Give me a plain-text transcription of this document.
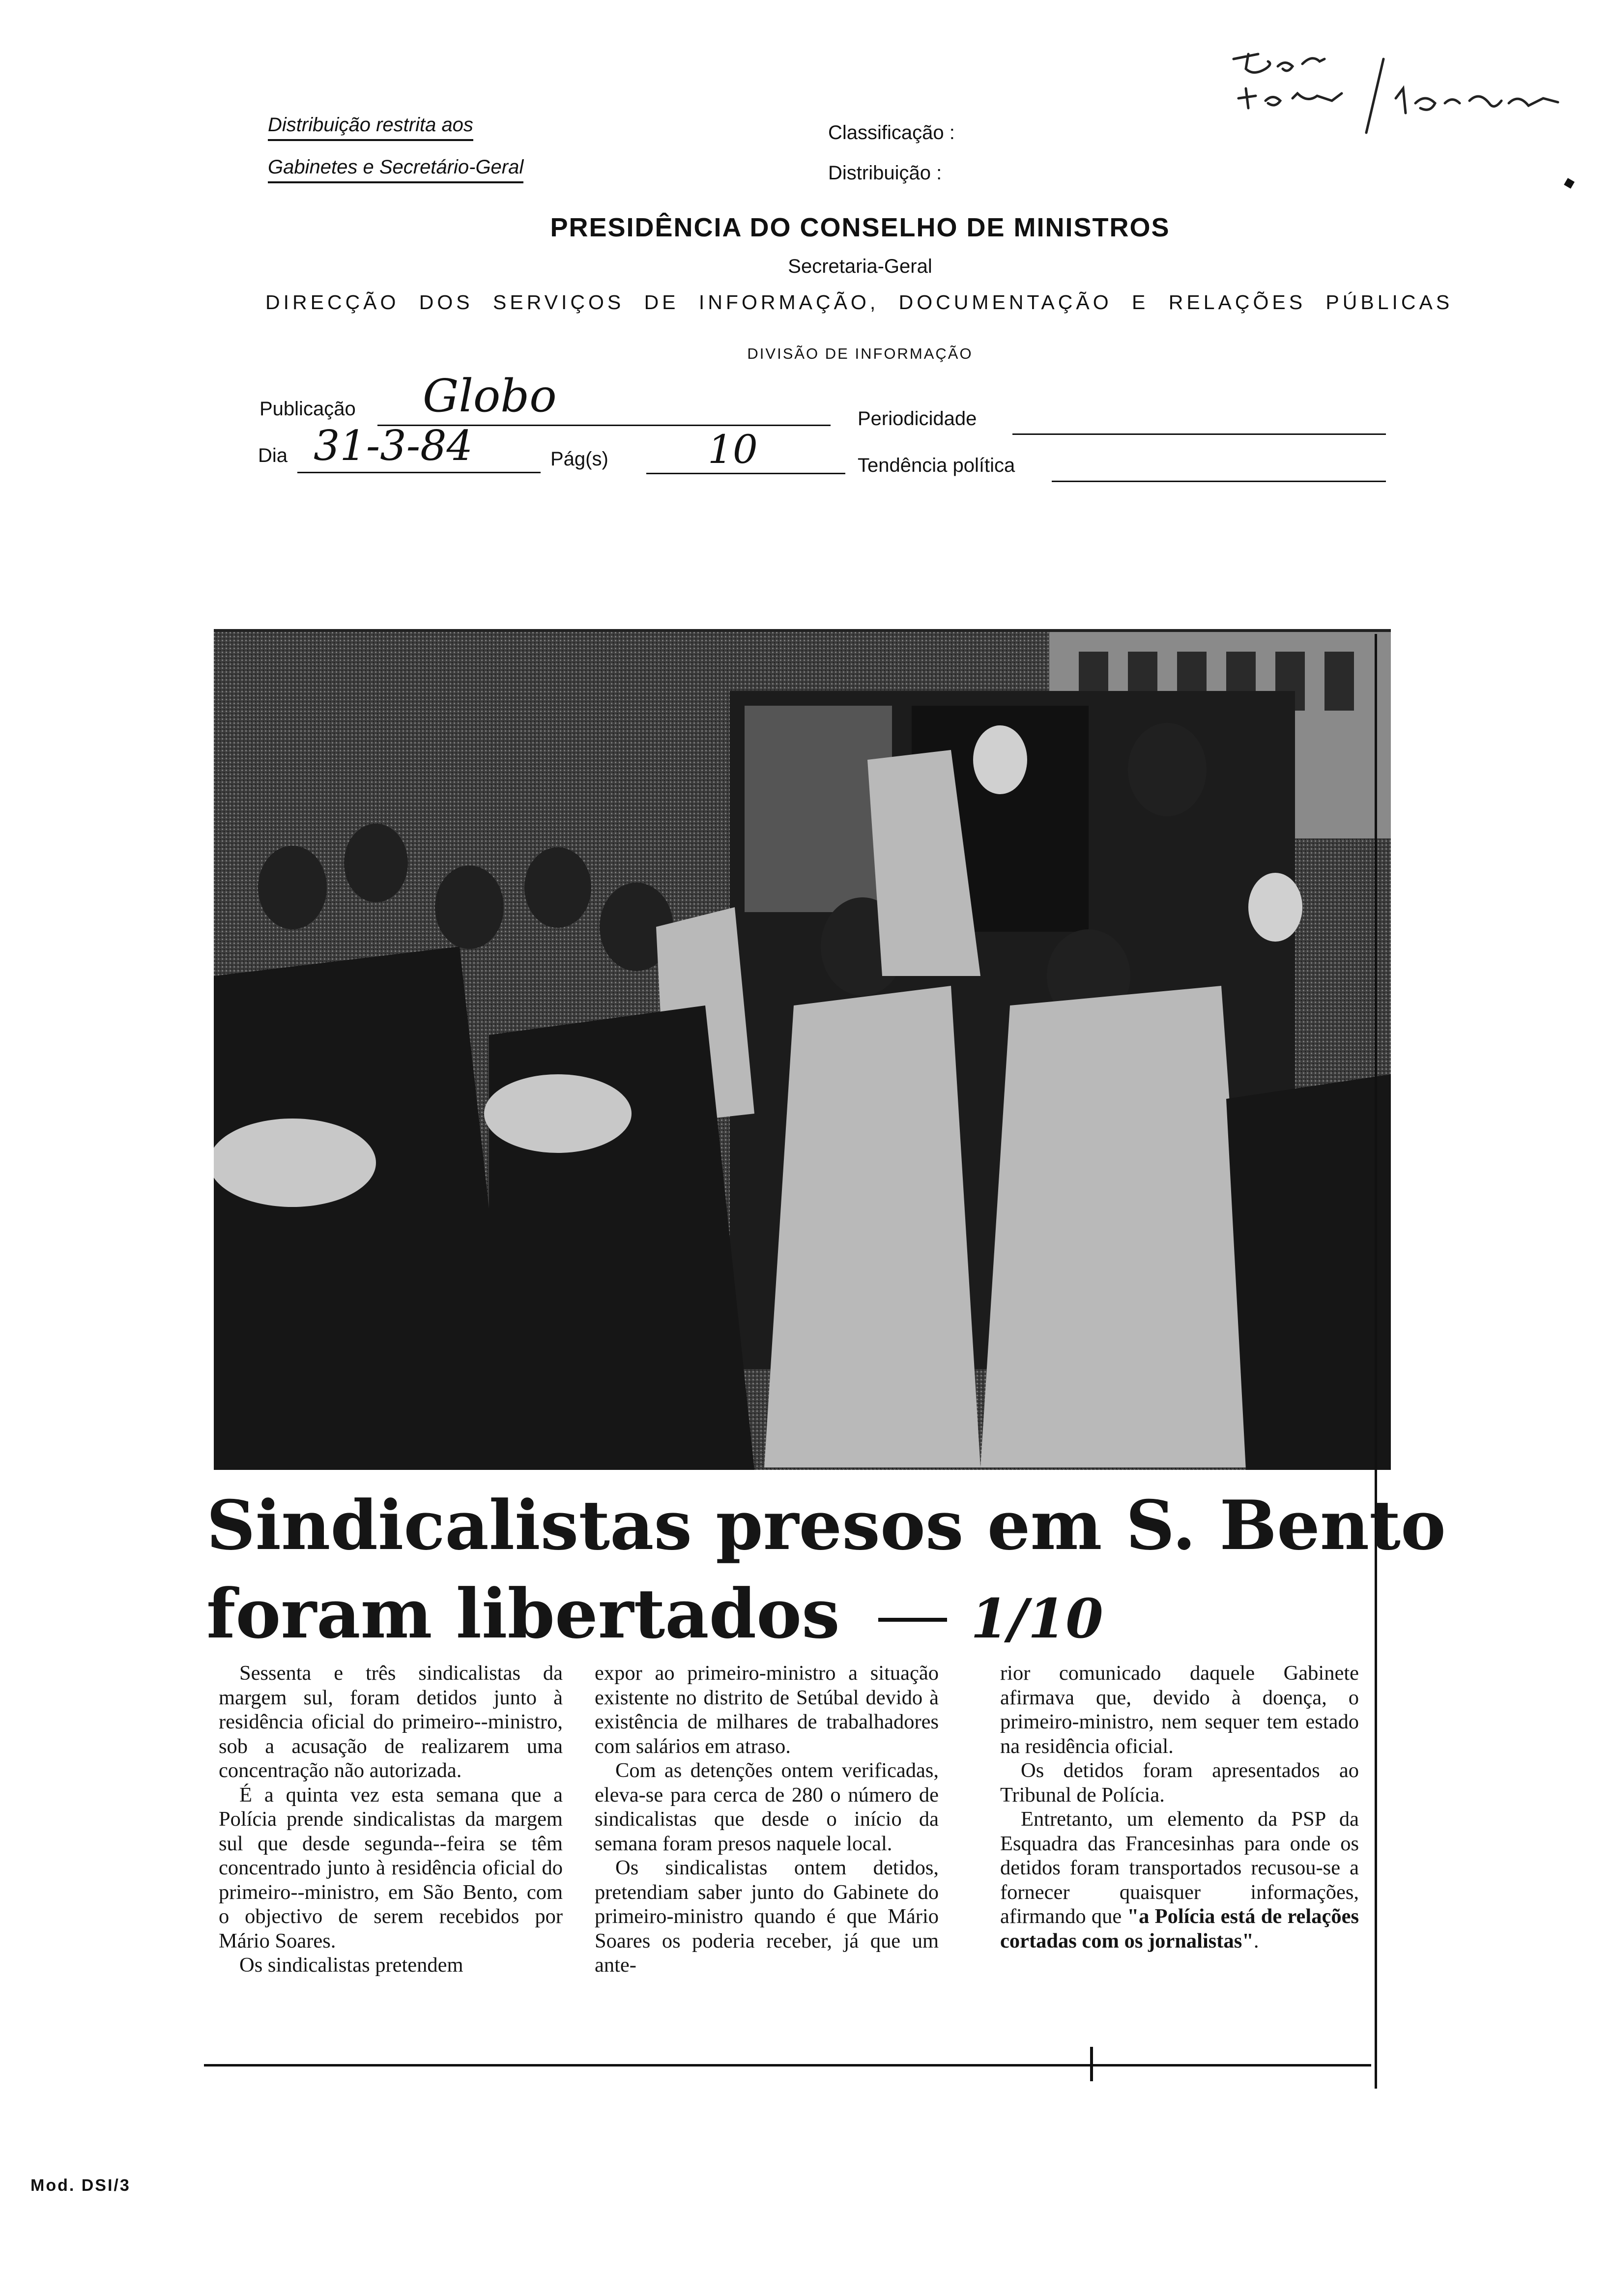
Distribuição restrita aos
Gabinetes e Secretário-Geral
Classificação :
Distribuição :
PRESIDÊNCIA DO CONSELHO DE MINISTROS
Secretaria-Geral
DIRECÇÃO DOS SERVIÇOS DE INFORMAÇÃO, DOCUMENTAÇÃO E RELAÇÕES PÚBLICAS
DIVISÃO DE INFORMAÇÃO
Publicação Globo	Periodicidade
Dia 31-3-84	Pág(s)	10	Tendência política
Sindicalistas presos em S. Bento
foram libertados 1/10

Sessenta e três sindicalistas da margem sul, foram detidos junto à residência oficial do primeiro--ministro, sob a acusação de realizarem uma concentração não autorizada.

É a quinta vez esta semana que a Polícia prende sindicalistas da margem sul que desde segunda--feira se têm concentrado junto à residência oficial do primeiro--ministro, em São Bento, com o objectivo de serem recebidos por Mário Soares.

Os sindicalistas pretendem

expor ao primeiro-ministro a situação existente no distrito de Setúbal devido à existência de milhares de trabalhadores com salários em atraso.

Com as detenções ontem verificadas, eleva-se para cerca de 280 o número de sindicalistas que desde o início da semana foram presos naquele local.

Os sindicalistas ontem detidos, pretendiam saber junto do Gabinete do primeiro-ministro quando é que Mário Soares os poderia receber, já que um ante-

rior comunicado daquele Gabinete afirmava que, devido à doença, o primeiro-ministro, nem sequer tem estado na residência oficial.

Os detidos foram apresentados ao Tribunal de Polícia.

Entretanto, um elemento da PSP da Esquadra das Francesinhas para onde os detidos foram transportados recusou-se a fornecer quaisquer informações, afirmando que "a Polícia está de relações cortadas com os jornalistas".

Mod. DSI/3
